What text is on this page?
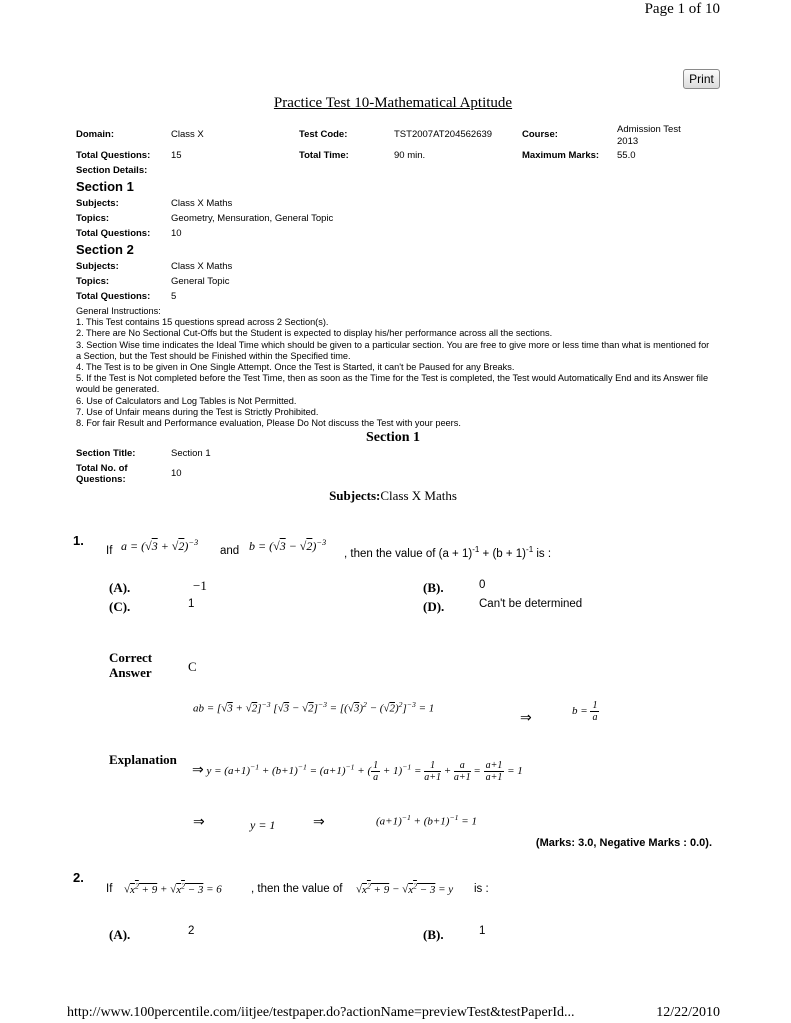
Page 1 of 10
Print
Practice Test 10-Mathematical Aptitude
Domain:	Class X	Test Code:	TST2007AT204562639	Course:	Admission Test
2013
Total Questions: 15	Total Time:	90 min.	Maximum Marks: 55.0
Section Details:
Section 1
Subjects:	Class X Maths
Topics:	Geometry, Mensuration, General Topic
Total Questions: 10
Section 2
Subjects:	Class X Maths
Topics:	General Topic
Total Questions: 5
General Instructions:
1. This Test contains 15 questions spread across 2 Section(s).
2. There are No Sectional Cut-Offs but the Student is expected to display his/her performance across all the sections.
3. Section Wise time indicates the Ideal Time which should be given to a particular section. You are free to give more or less time than what is mentioned for a Section, but the Test should be Finished within the Specified time.
4. The Test is to be given in One Single Attempt. Once the Test is Started, it can't be Paused for any Breaks.
5. If the Test is Not completed before the Test Time, then as soon as the Time for the Test is completed, the Test would Automatically End and its Answer file would be generated.
6. Use of Calculators and Log Tables is Not Permitted.
7. Use of Unfair means during the Test is Strictly Prohibited.
8. For fair Result and Performance evaluation, Please Do Not discuss the Test with your peers.
Section 1
Section Title:	Section 1
Total No. of
Questions:
10
Subjects:Class X Maths
1.
If $a = (√3 + √2)^{-3}$
and $b = (√3 - √2)^{-3}$
, then the value of $(a + 1)^{-1} + (b + 1)^{-1}$ is :
(A).	−1	(B).	0
(C).	1	(D).	Can't be determined
Correct
Answer	C
ab = $[√3 + √2]^{-3}$ $[√3 - √2]^{-3} = [(√3)^2 - (√2)^2]^{-3} = 1$
⇒	$b = \frac{1}{a}$
Explanation
⇒ $y = (a+1)^{-1} + (b+1)^{-1} = (a+1)^{-1}$ + ( $\frac{1}{a} + 1)^{-1} = \frac{1}{a+1} + \frac{a}{a+1} = \frac{a+1}{a+1} = 1$
⇒	y = 1	⇒	$(a+1)^{-1} + (b+1)^{-1} = 1$
(Marks: 3.0, Negative Marks : 0.0).
2.
If $√x^2 + 9 + √x^2 - 3 = 6$	, then the value of $√x^2 + 9 - √x^2 - 3 = y$ is :
(A).	2	(B).	1
http://www.100percentile.com/iitjee/testpaper.do?actionName=previewTest&testPaperId...	12/22/2010
